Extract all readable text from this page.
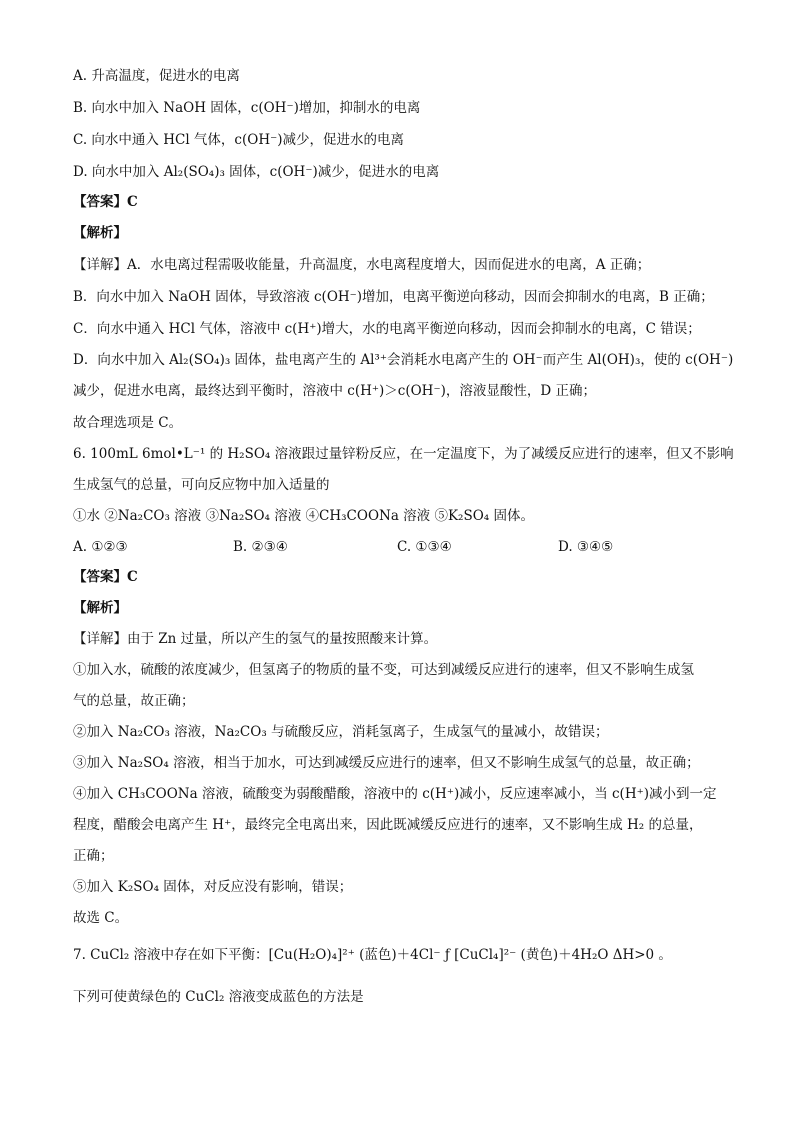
A. 升高温度，促进水的电离
B. 向水中加入 NaOH 固体，c(OH⁻)增加，抑制水的电离
C. 向水中通入 HCl 气体，c(OH⁻)减少，促进水的电离
D. 向水中加入 Al₂(SO₄)₃ 固体，c(OH⁻)减少，促进水的电离
【答案】C
【解析】
【详解】A．水电离过程需吸收能量，升高温度，水电离程度增大，因而促进水的电离，A 正确；
B．向水中加入 NaOH 固体，导致溶液 c(OH⁻)增加，电离平衡逆向移动，因而会抑制水的电离，B 正确；
C．向水中通入 HCl 气体，溶液中 c(H⁺)增大，水的电离平衡逆向移动，因而会抑制水的电离，C 错误；
D．向水中加入 Al₂(SO₄)₃ 固体，盐电离产生的 Al³⁺会消耗水电离产生的 OH⁻而产生 Al(OH)₃，使的 c(OH⁻)
减少，促进水电离，最终达到平衡时，溶液中 c(H⁺)＞c(OH⁻)，溶液显酸性，D 正确；
故合理选项是 C。
6. 100mL 6mol•L⁻¹ 的 H₂SO₄ 溶液跟过量锌粉反应，在一定温度下，为了减缓反应进行的速率，但又不影响
生成氢气的总量，可向反应物中加入适量的
①水 ②Na₂CO₃ 溶液 ③Na₂SO₄ 溶液 ④CH₃COONa 溶液 ⑤K₂SO₄ 固体。
A. ①②③	B. ②③④	C. ①③④	D. ③④⑤
【答案】C
【解析】
【详解】由于 Zn 过量，所以产生的氢气的量按照酸来计算。
①加入水，硫酸的浓度减少，但氢离子的物质的量不变，可达到减缓反应进行的速率，但又不影响生成氢
气的总量，故正确；
②加入 Na₂CO₃ 溶液，Na₂CO₃ 与硫酸反应，消耗氢离子，生成氢气的量减小，故错误；
③加入 Na₂SO₄ 溶液，相当于加水，可达到减缓反应进行的速率，但又不影响生成氢气的总量，故正确；
④加入 CH₃COONa 溶液，硫酸变为弱酸醋酸，溶液中的 c(H⁺)减小，反应速率减小，当 c(H⁺)减小到一定
程度，醋酸会电离产生 H⁺，最终完全电离出来，因此既减缓反应进行的速率，又不影响生成 H₂ 的总量，
正确；
⑤加入 K₂SO₄ 固体，对反应没有影响，错误；
故选 C。
7. CuCl₂ 溶液中存在如下平衡：[Cu(H₂O)₄]²⁺ (蓝色)＋4Cl⁻ ƒ [CuCl₄]²⁻ (黄色)＋4H₂O ΔH>0 。
下列可使黄绿色的 CuCl₂ 溶液变成蓝色的方法是
